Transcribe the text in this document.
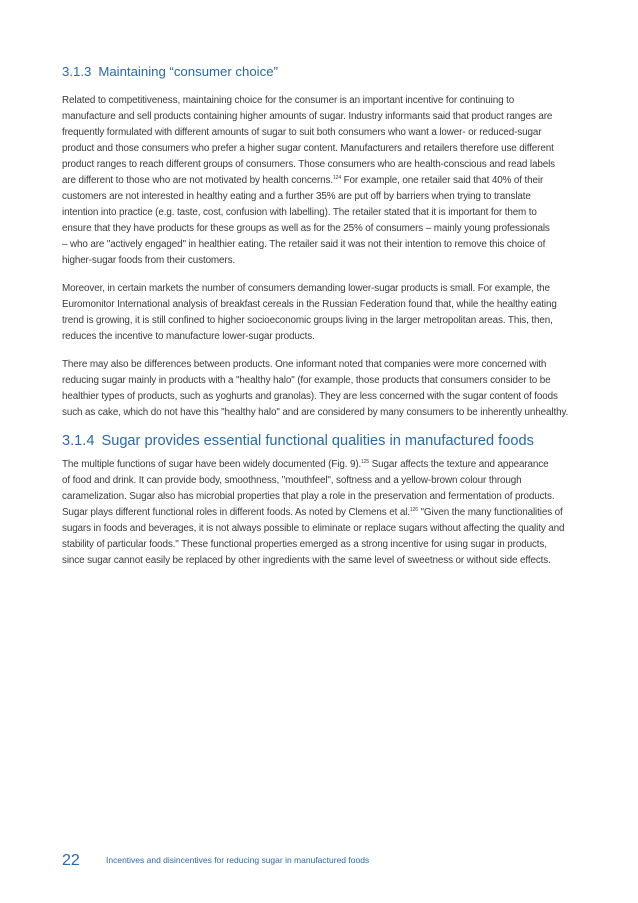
3.1.3 Maintaining “consumer choice”

Related to competitiveness, maintaining choice for the consumer is an important incentive for continuing to
manufacture and sell products containing higher amounts of sugar. Industry informants said that product ranges are
frequently formulated with different amounts of sugar to suit both consumers who want a lower- or reduced-sugar
product and those consumers who prefer a higher sugar content. Manufacturers and retailers therefore use different
product ranges to reach different groups of consumers. Those consumers who are health-conscious and read labels
are different to those who are not motivated by health concerns.$^{124}$ For example, one retailer said that 40% of their
customers are not interested in healthy eating and a further 35% are put off by barriers when trying to translate
intention into practice (e.g. taste, cost, confusion with labelling). The retailer stated that it is important for them to
ensure that they have products for these groups as well as for the 25% of consumers – mainly young professionals
– who are "actively engaged" in healthier eating. The retailer said it was not their intention to remove this choice of
higher-sugar foods from their customers.

Moreover, in certain markets the number of consumers demanding lower-sugar products is small. For example, the
Euromonitor International analysis of breakfast cereals in the Russian Federation found that, while the healthy eating
trend is growing, it is still confined to higher socioeconomic groups living in the larger metropolitan areas. This, then,
reduces the incentive to manufacture lower-sugar products.

There may also be differences between products. One informant noted that companies were more concerned with
reducing sugar mainly in products with a "healthy halo" (for example, those products that consumers consider to be
healthier types of products, such as yoghurts and granolas). They are less concerned with the sugar content of foods
such as cake, which do not have this "healthy halo" and are considered by many consumers to be inherently unhealthy.

3.1.4 Sugar provides essential functional qualities in manufactured foods

The multiple functions of sugar have been widely documented (Fig. 9).$^{125}$ Sugar affects the texture and appearance
of food and drink. It can provide body, smoothness, "mouthfeel", softness and a yellow-brown colour through
caramelization. Sugar also has microbial properties that play a role in the preservation and fermentation of products.
Sugar plays different functional roles in different foods. As noted by Clemens et al.$^{126}$ "Given the many functionalities of
sugars in foods and beverages, it is not always possible to eliminate or replace sugars without affecting the quality and
stability of particular foods." These functional properties emerged as a strong incentive for using sugar in products,
since sugar cannot easily be replaced by other ingredients with the same level of sweetness or without side effects.

22	Incentives and disincentives for reducing sugar in manufactured foods
